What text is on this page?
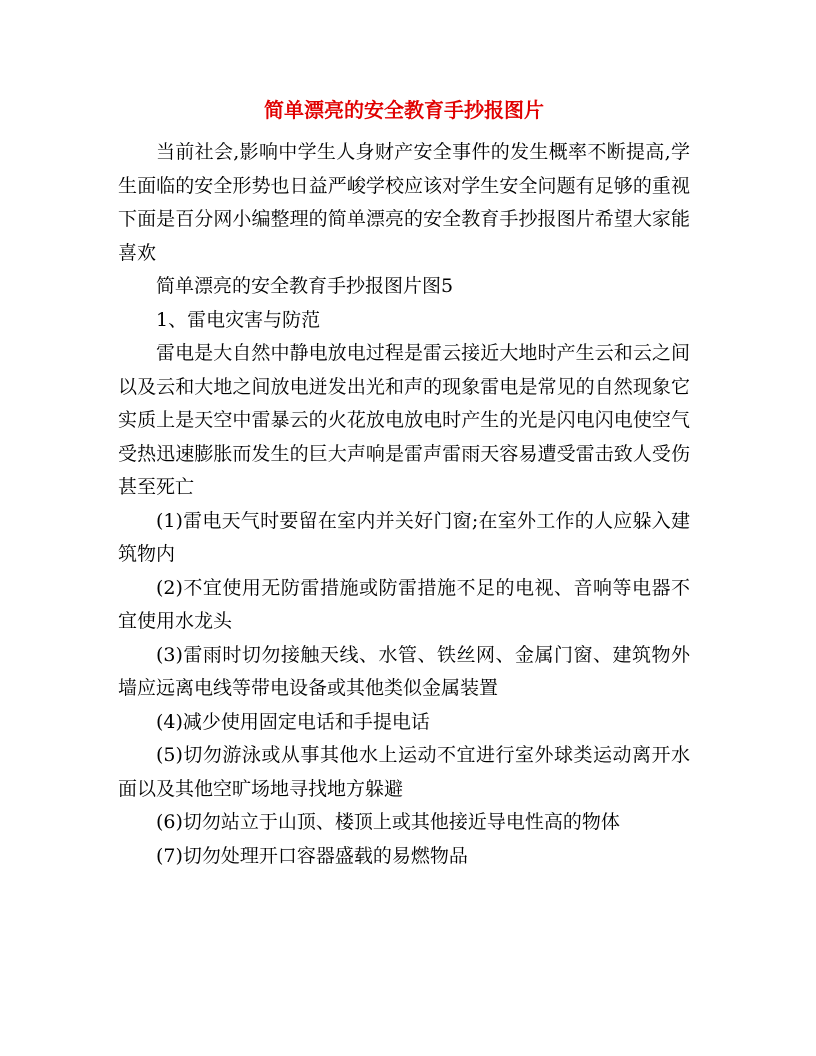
简单漂亮的安全教育手抄报图片

当前社会,影响中学生人身财产安全事件的发生概率不断提高,学生面临的安全形势也日益严峻学校应该对学生安全问题有足够的重视下面是百分网小编整理的简单漂亮的安全教育手抄报图片希望大家能喜欢

简单漂亮的安全教育手抄报图片图5

1、雷电灾害与防范

雷电是大自然中静电放电过程是雷云接近大地时产生云和云之间以及云和大地之间放电迸发出光和声的现象雷电是常见的自然现象它实质上是天空中雷暴云的火花放电放电时产生的光是闪电闪电使空气受热迅速膨胀而发生的巨大声响是雷声雷雨天容易遭受雷击致人受伤甚至死亡

(1)雷电天气时要留在室内并关好门窗;在室外工作的人应躲入建筑物内

(2)不宜使用无防雷措施或防雷措施不足的电视、音响等电器不宜使用水龙头

(3)雷雨时切勿接触天线、水管、铁丝网、金属门窗、建筑物外墙应远离电线等带电设备或其他类似金属装置

(4)减少使用固定电话和手提电话

(5)切勿游泳或从事其他水上运动不宜进行室外球类运动离开水面以及其他空旷场地寻找地方躲避

(6)切勿站立于山顶、楼顶上或其他接近导电性高的物体

(7)切勿处理开口容器盛载的易燃物品
